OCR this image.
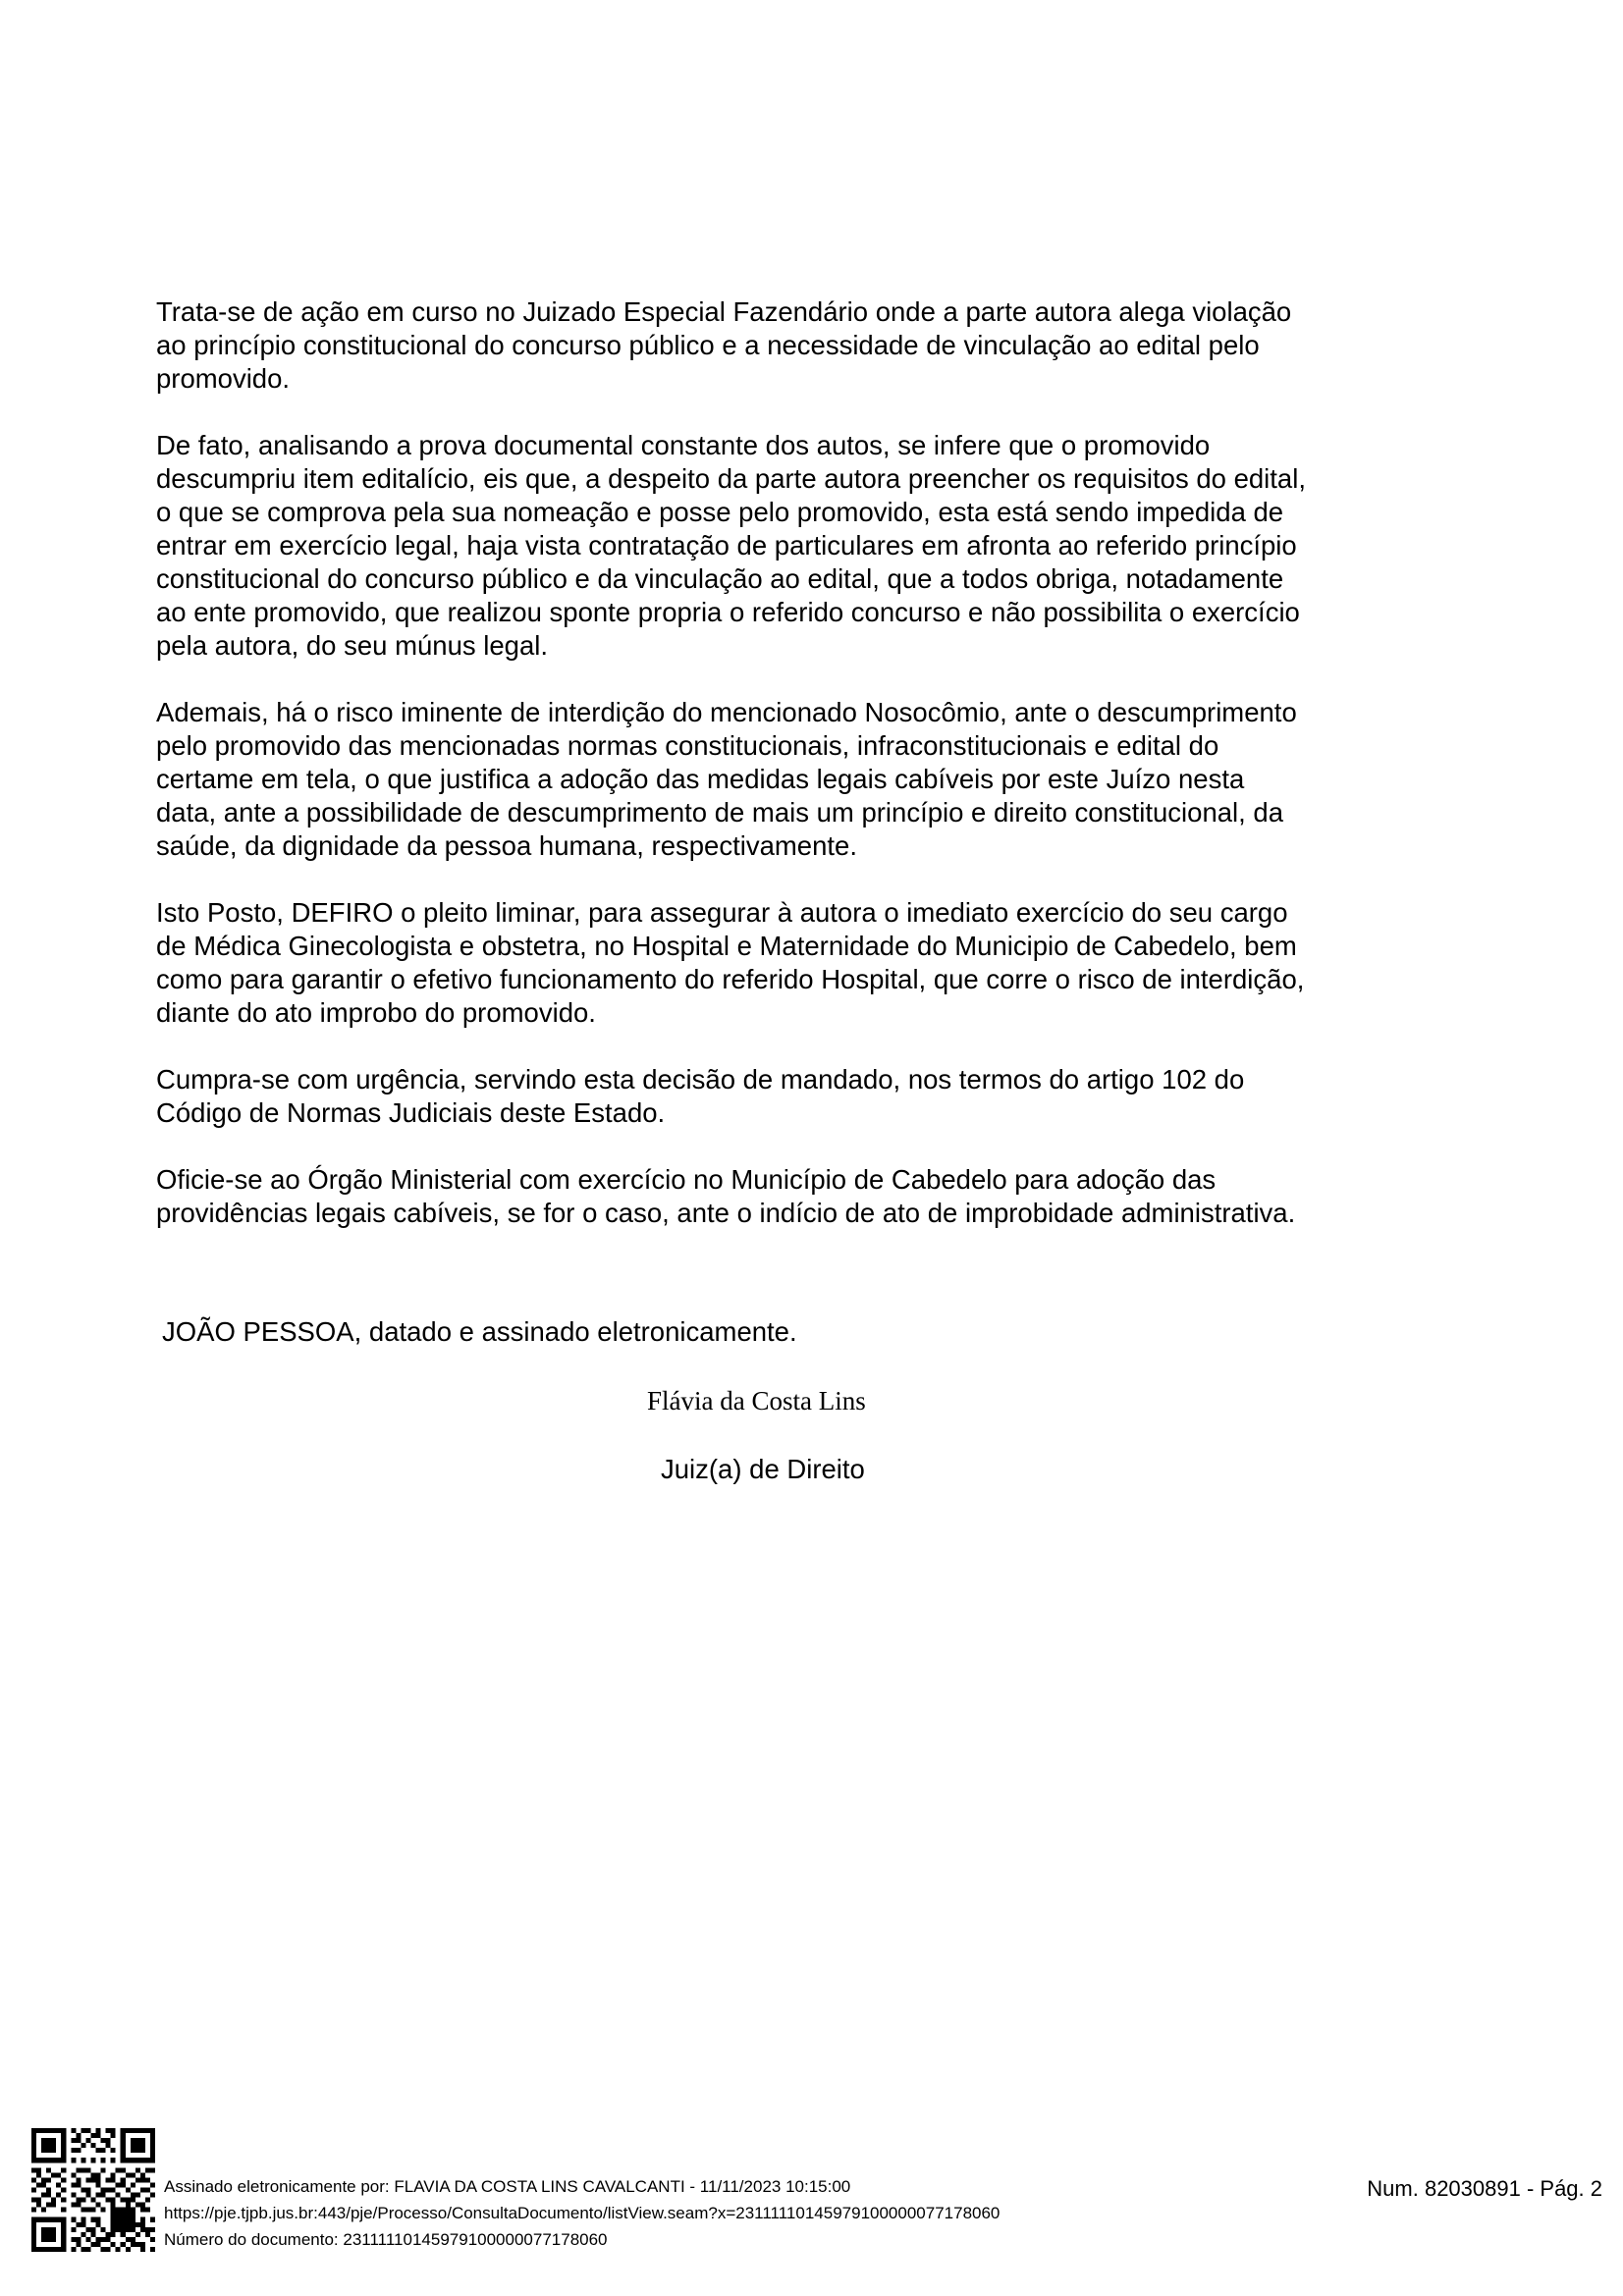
Trata-se de ação em curso no Juizado Especial Fazendário onde a parte autora alega violação
ao princípio constitucional do concurso público e a necessidade de vinculação ao edital pelo
promovido.

De fato, analisando a prova documental constante dos autos, se infere que o promovido
descumpriu item editalício, eis que, a despeito da parte autora preencher os requisitos do edital,
o que se comprova pela sua nomeação e posse pelo promovido, esta está sendo impedida de
entrar em exercício legal, haja vista contratação de particulares em afronta ao referido princípio
constitucional do concurso público e da vinculação ao edital, que a todos obriga, notadamente
ao ente promovido, que realizou sponte propria o referido concurso e não possibilita o exercício
pela autora, do seu múnus legal.

Ademais, há o risco iminente de interdição do mencionado Nosocômio, ante o descumprimento
pelo promovido das mencionadas normas constitucionais, infraconstitucionais e edital do
certame em tela, o que justifica a adoção das medidas legais cabíveis por este Juízo nesta
data, ante a possibilidade de descumprimento de mais um princípio e direito constitucional, da
saúde, da dignidade da pessoa humana, respectivamente.

Isto Posto, DEFIRO o pleito liminar, para assegurar à autora o imediato exercício do seu cargo
de Médica Ginecologista e obstetra, no Hospital e Maternidade do Municipio de Cabedelo, bem
como para garantir o efetivo funcionamento do referido Hospital, que corre o risco de interdição,
diante do ato improbo do promovido.

Cumpra-se com urgência, servindo esta decisão de mandado, nos termos do artigo 102 do
Código de Normas Judiciais deste Estado.

Oficie-se ao Órgão Ministerial com exercício no Município de Cabedelo para adoção das
providências legais cabíveis, se for o caso, ante o indício de ato de improbidade administrativa.

JOÃO PESSOA, datado e assinado eletronicamente.
Flávia da Costa Lins
Juiz(a) de Direito
Assinado eletronicamente por: FLAVIA DA COSTA LINS CAVALCANTI - 11/11/2023 10:15:00
https://pje.tjpb.jus.br:443/pje/Processo/ConsultaDocumento/listView.seam?x=23111110145979100000077178060
Número do documento: 23111110145979100000077178060
Num. 82030891 - Pág. 2
